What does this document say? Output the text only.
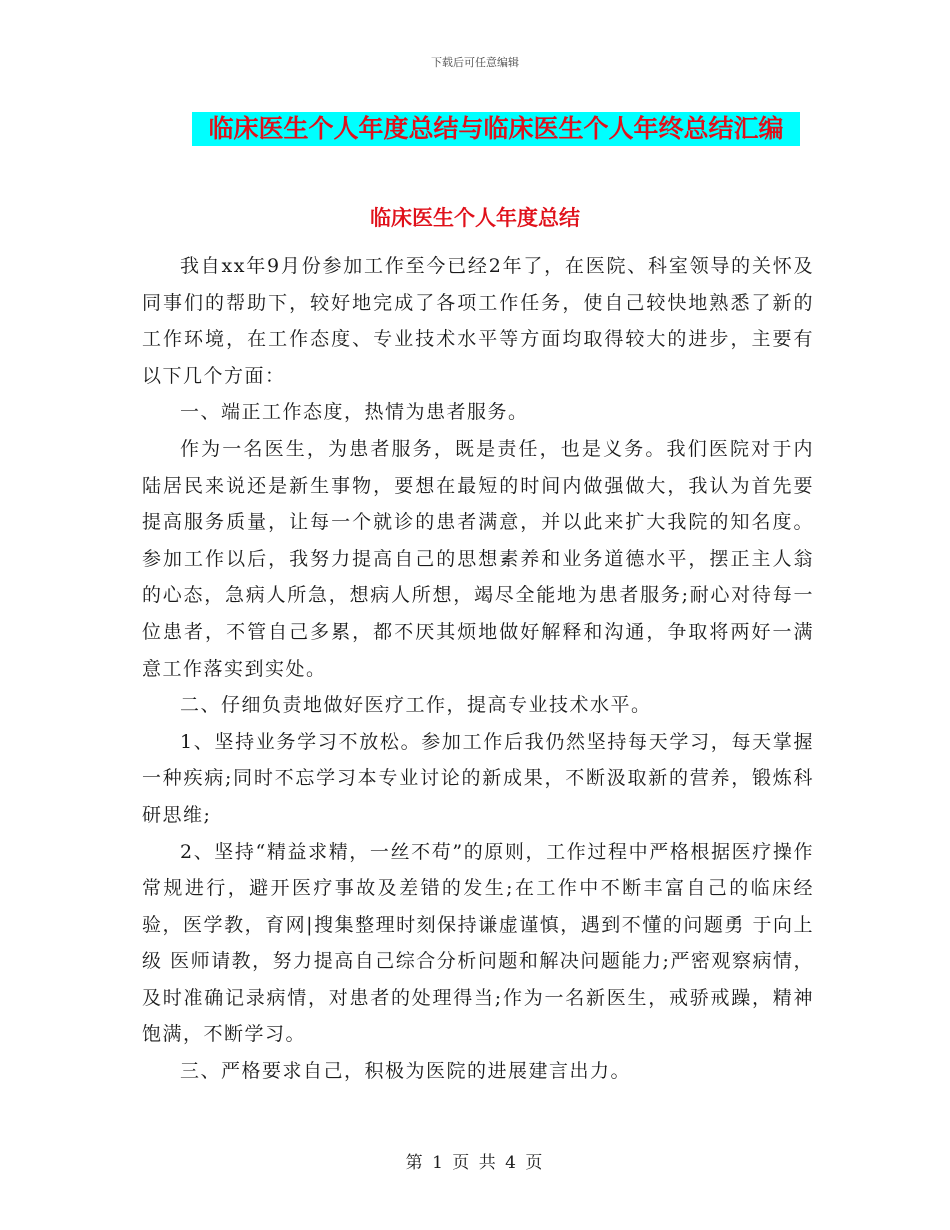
下载后可任意编辑
临床医生个人年度总结与临床医生个人年终总结汇编
临床医生个人年度总结

我自xx年9月份参加工作至今已经2年了，在医院、科室领导的关怀及同事们的帮助下，较好地完成了各项工作任务，使自己较快地熟悉了新的工作环境，在工作态度、专业技术水平等方面均取得较大的进步，主要有以下几个方面：

一、端正工作态度，热情为患者服务。

作为一名医生，为患者服务，既是责任，也是义务。我们医院对于内陆居民来说还是新生事物，要想在最短的时间内做强做大，我认为首先要提高服务质量，让每一个就诊的患者满意，并以此来扩大我院的知名度。参加工作以后，我努力提高自己的思想素养和业务道德水平，摆正主人翁的心态，急病人所急，想病人所想，竭尽全能地为患者服务;耐心对待每一位患者，不管自己多累，都不厌其烦地做好解释和沟通，争取将两好一满意工作落实到实处。

二、仔细负责地做好医疗工作，提高专业技术水平。

1、坚持业务学习不放松。参加工作后我仍然坚持每天学习，每天掌握一种疾病;同时不忘学习本专业讨论的新成果，不断汲取新的营养，锻炼科研思维;

2、坚持“精益求精，一丝不苟”的原则，工作过程中严格根据医疗操作常规进行，避开医疗事故及差错的发生;在工作中不断丰富自己的临床经验，医学教，育网|搜集整理时刻保持谦虚谨慎，遇到不懂的问题勇 于向上级 医师请教，努力提高自己综合分析问题和解决问题能力;严密观察病情，及时准确记录病情，对患者的处理得当;作为一名新医生，戒骄戒躁，精神饱满，不断学习。

三、严格要求自己，积极为医院的进展建言出力。

第 1 页 共 4 页
